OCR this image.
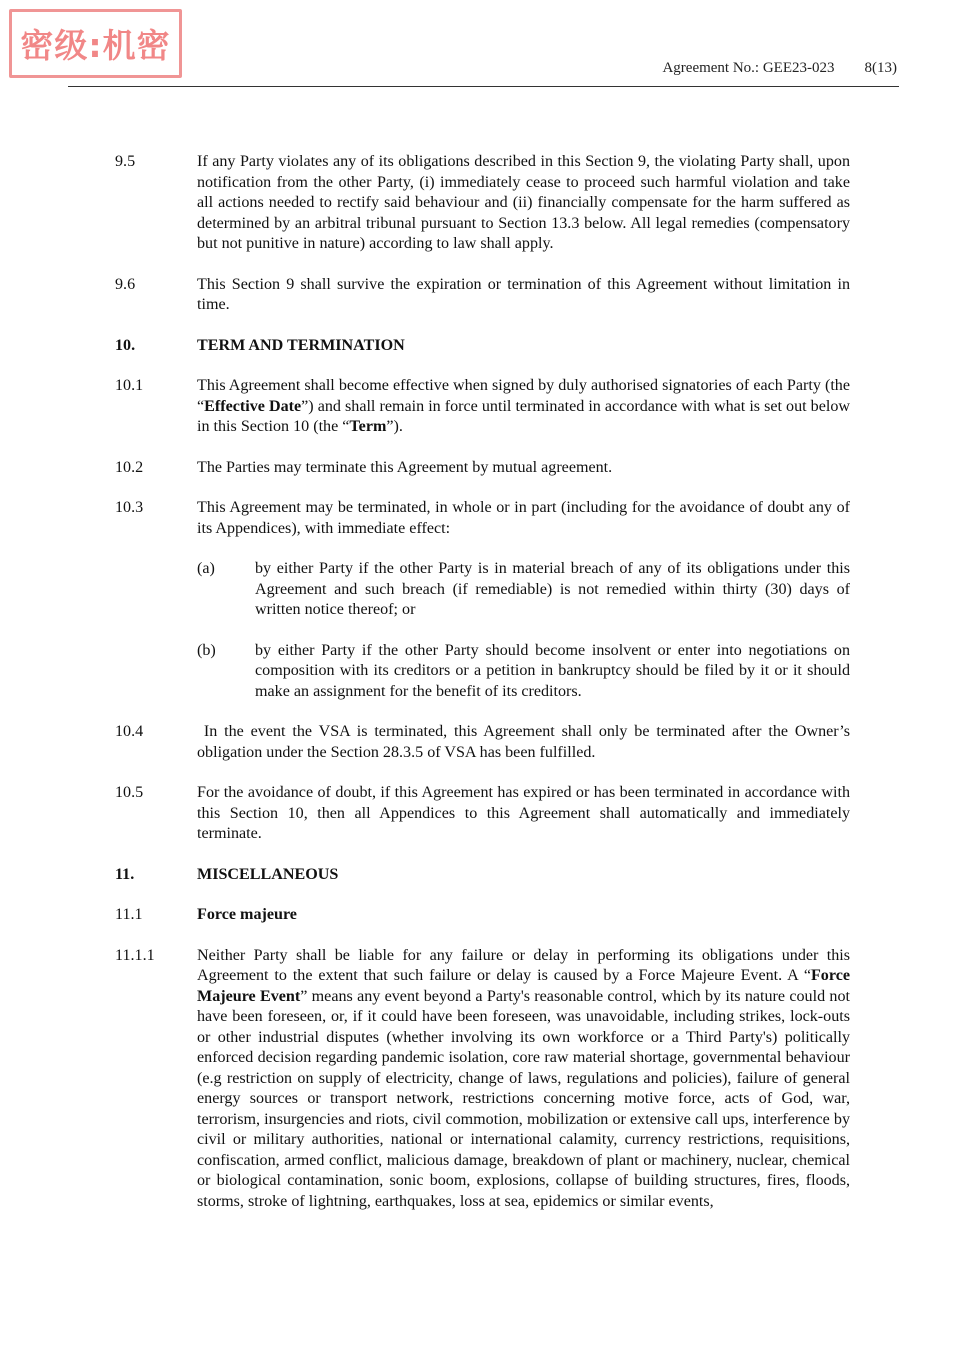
密级:机密
Agreement No.: GEE23-023 8(13)
9.5	If any Party violates any of its obligations described in this Section 9, the violating Party shall, upon notification from the other Party, (i) immediately cease to proceed such harmful violation and take all actions needed to rectify said behaviour and (ii) financially compensate for the harm suffered as determined by an arbitral tribunal pursuant to Section 13.3 below. All legal remedies (compensatory but not punitive in nature) according to law shall apply.
9.6	This Section 9 shall survive the expiration or termination of this Agreement without limitation in time.
10.	TERM AND TERMINATION
10.1	This Agreement shall become effective when signed by duly authorised signatories of each Party (the “Effective Date”) and shall remain in force until terminated in accordance with what is set out below in this Section 10 (the “Term”).
10.2	The Parties may terminate this Agreement by mutual agreement.
10.3	This Agreement may be terminated, in whole or in part (including for the avoidance of doubt any of its Appendices), with immediate effect:
(a)	by either Party if the other Party is in material breach of any of its obligations under this Agreement and such breach (if remediable) is not remedied within thirty (30) days of written notice thereof; or
(b)	by either Party if the other Party should become insolvent or enter into negotiations on composition with its creditors or a petition in bankruptcy should be filed by it or it should make an assignment for the benefit of its creditors.
10.4	In the event the VSA is terminated, this Agreement shall only be terminated after the Owner’s obligation under the Section 28.3.5 of VSA has been fulfilled.
10.5	For the avoidance of doubt, if this Agreement has expired or has been terminated in accordance with this Section 10, then all Appendices to this Agreement shall automatically and immediately terminate.
11.	MISCELLANEOUS
11.1	Force majeure
11.1.1	Neither Party shall be liable for any failure or delay in performing its obligations under this Agreement to the extent that such failure or delay is caused by a Force Majeure Event. A “Force Majeure Event” means any event beyond a Party's reasonable control, which by its nature could not have been foreseen, or, if it could have been foreseen, was unavoidable, including strikes, lock-outs or other industrial disputes (whether involving its own workforce or a Third Party's) politically enforced decision regarding pandemic isolation, core raw material shortage, governmental behaviour (e.g restriction on supply of electricity, change of laws, regulations and policies), failure of general energy sources or transport network, restrictions concerning motive force, acts of God, war, terrorism, insurgencies and riots, civil commotion, mobilization or extensive call ups, interference by civil or military authorities, national or international calamity, currency restrictions, requisitions, confiscation, armed conflict, malicious damage, breakdown of plant or machinery, nuclear, chemical or biological contamination, sonic boom, explosions, collapse of building structures, fires, floods, storms, stroke of lightning, earthquakes, loss at sea, epidemics or similar events,
